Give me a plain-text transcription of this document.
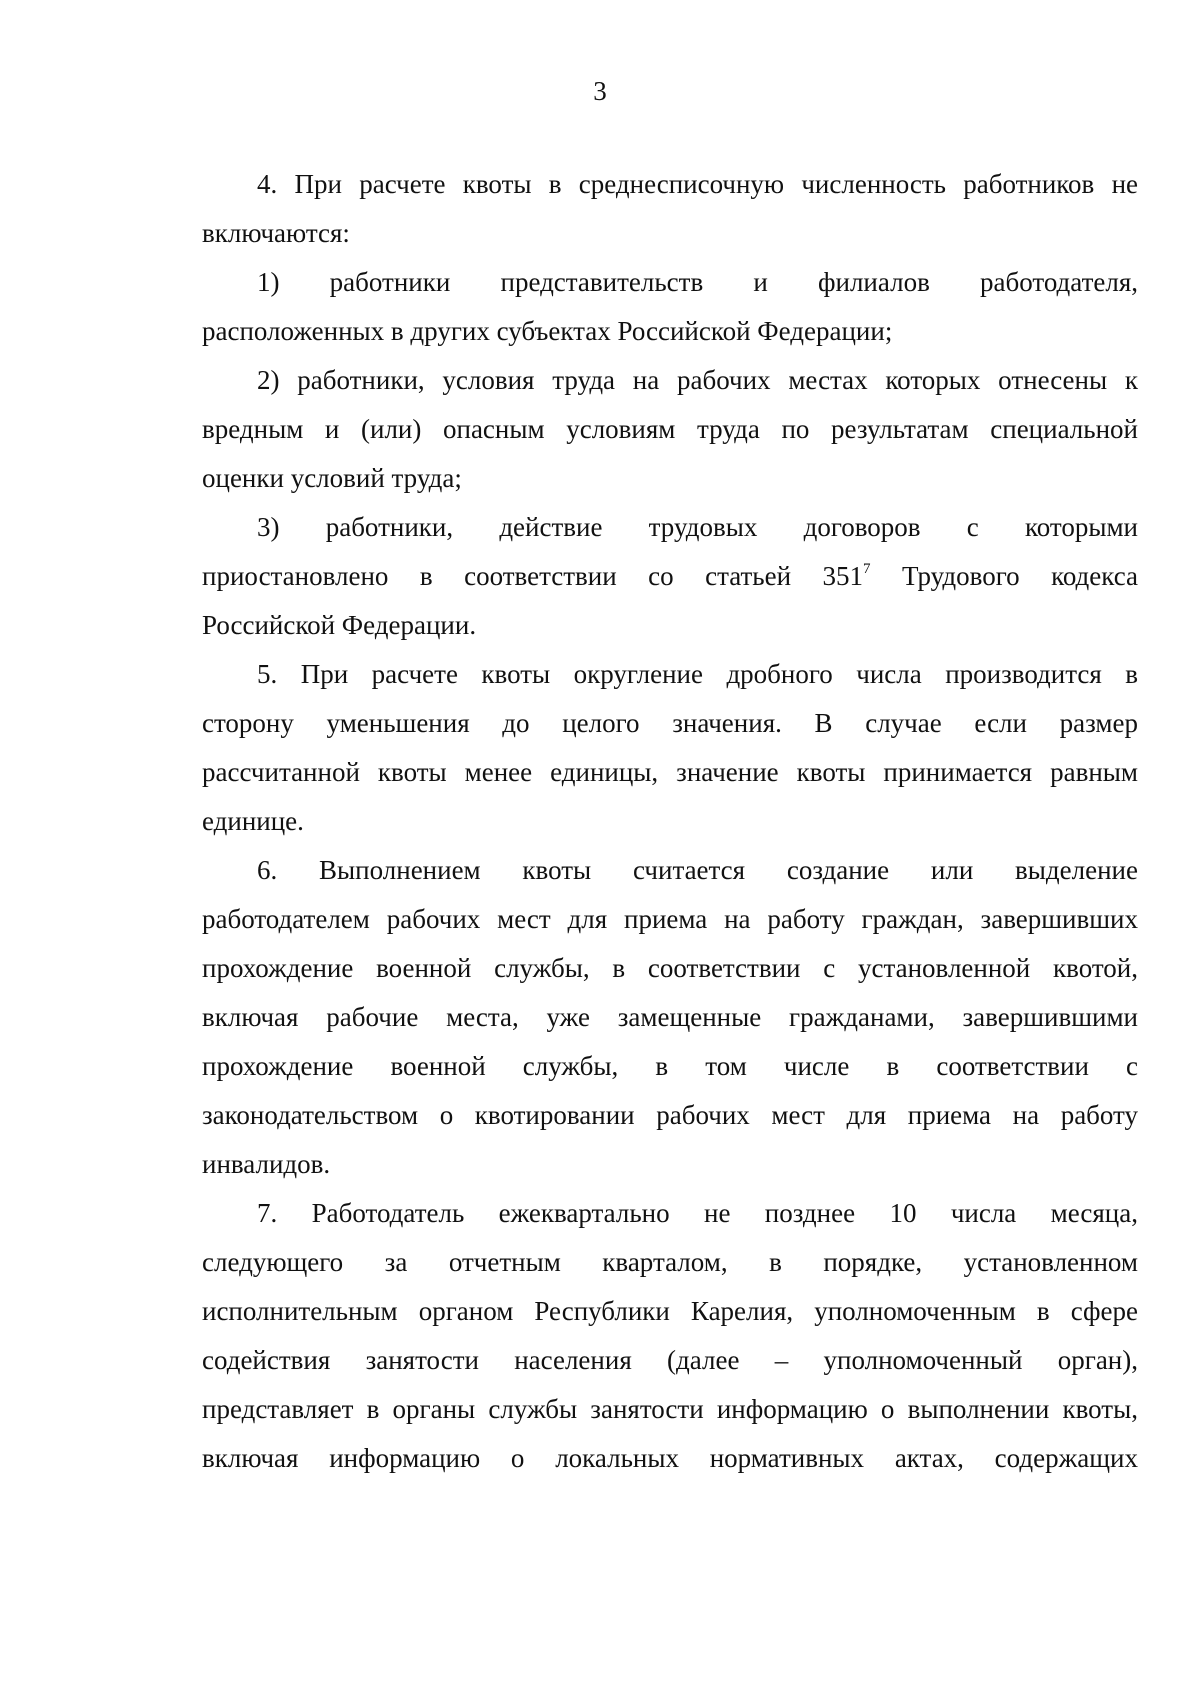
3

4. При расчете квоты в среднесписочную численность работников не
включаются:

1) работники представительств и филиалов работодателя,
расположенных в других субъектах Российской Федерации;

2) работники, условия труда на рабочих местах которых отнесены к
вредным и (или) опасным условиям труда по результатам специальной
оценки условий труда;

3) работники, действие трудовых договоров с которыми
приостановлено в соответствии со статьей $351^7$ Трудового кодекса
Российской Федерации.

5. При расчете квоты округление дробного числа производится в
сторону уменьшения до целого значения. В случае если размер
рассчитанной квоты менее единицы, значение квоты принимается равным
единице.

6. Выполнением квоты считается создание или выделение
работодателем рабочих мест для приема на работу граждан, завершивших
прохождение военной службы, в соответствии с установленной квотой,
включая рабочие места, уже замещенные гражданами, завершившими
прохождение военной службы, в том числе в соответствии с
законодательством о квотировании рабочих мест для приема на работу
инвалидов.

7. Работодатель ежеквартально не позднее 10 числа месяца,
следующего за отчетным кварталом, в порядке, установленном
исполнительным органом Республики Карелия, уполномоченным в сфере
содействия занятости населения (далее – уполномоченный орган),
представляет в органы службы занятости информацию о выполнении квоты,
включая информацию о локальных нормативных актах, содержащих
